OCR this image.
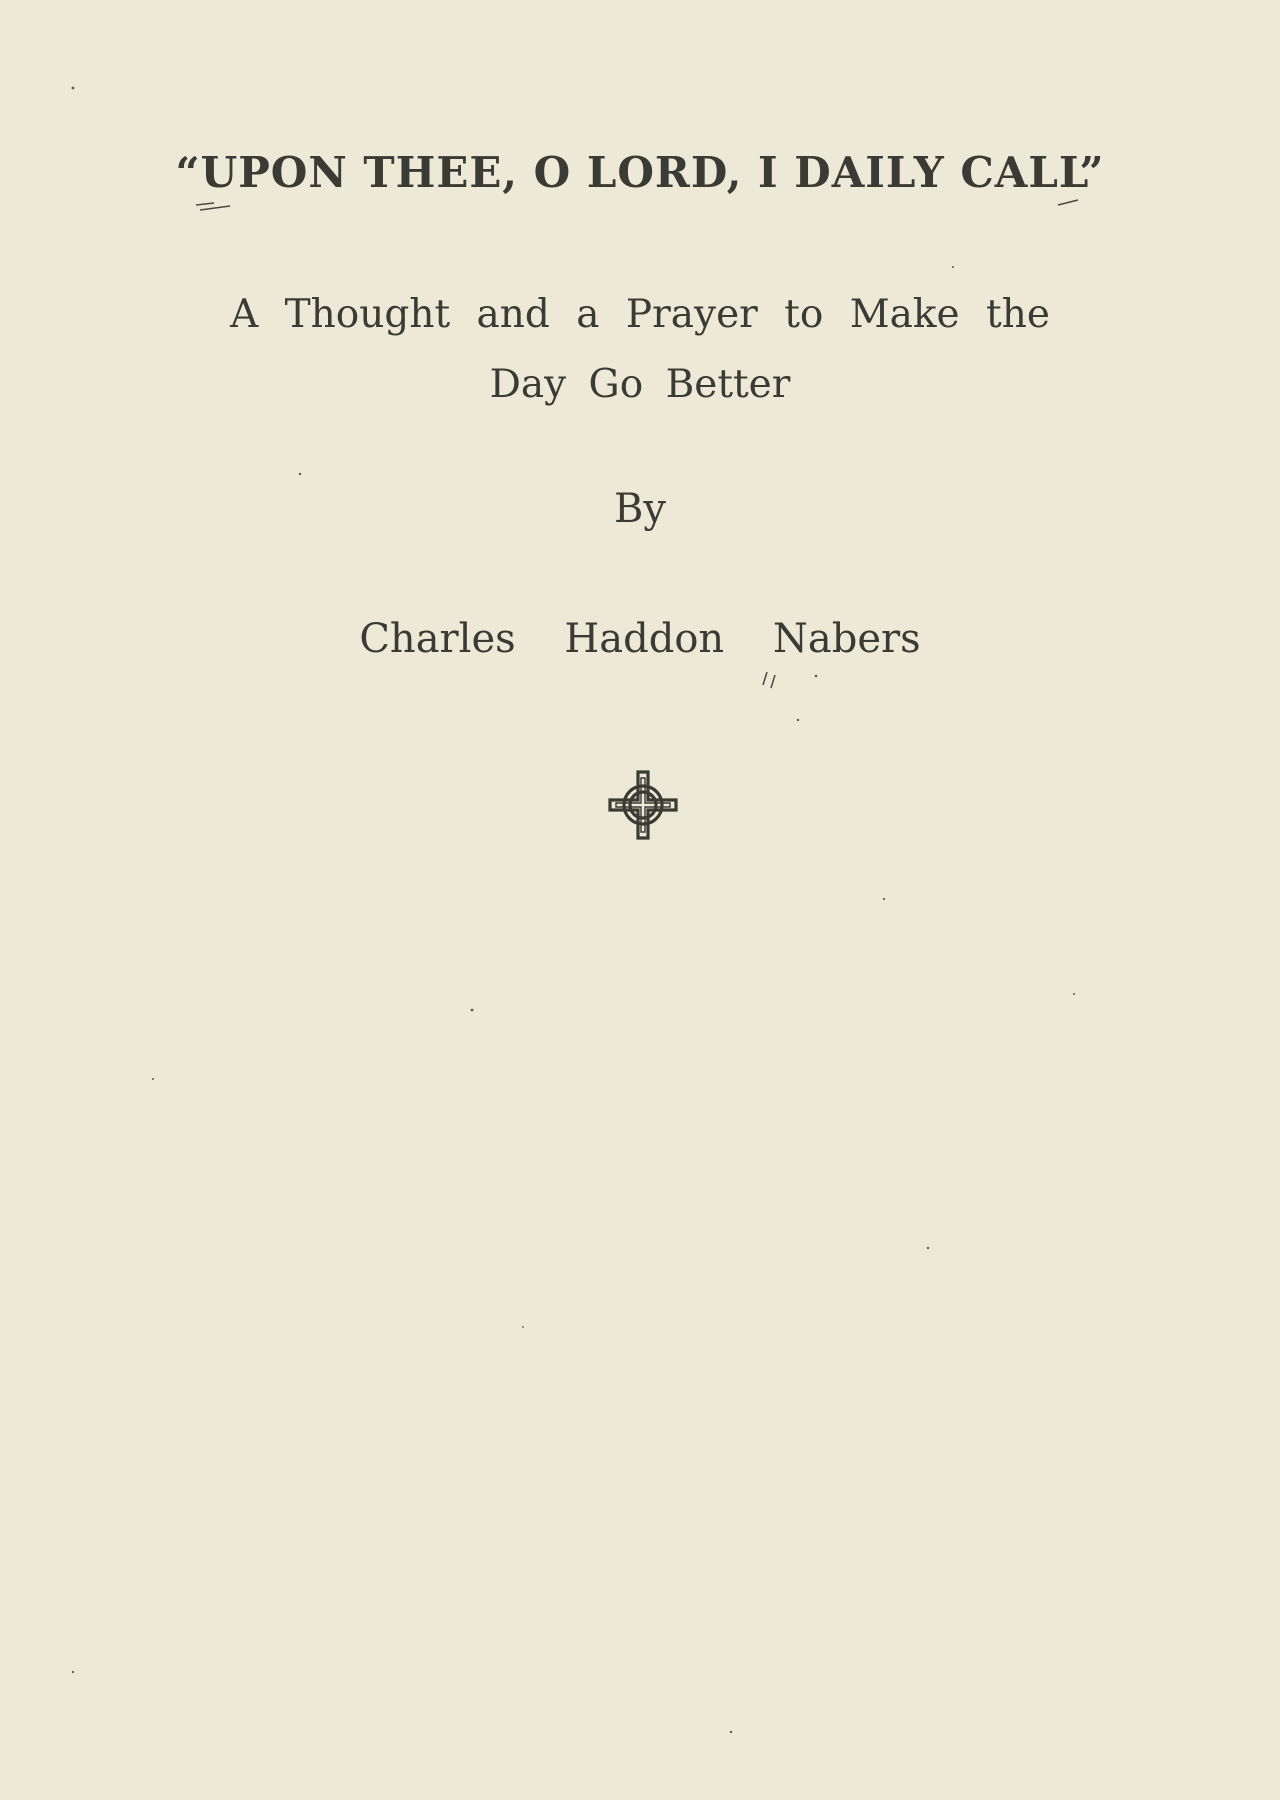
“UPON THEE, O LORD, I DAILY CALL”
A Thought and a Prayer to Make the
Day Go Better
By
Charles Haddon Nabers
